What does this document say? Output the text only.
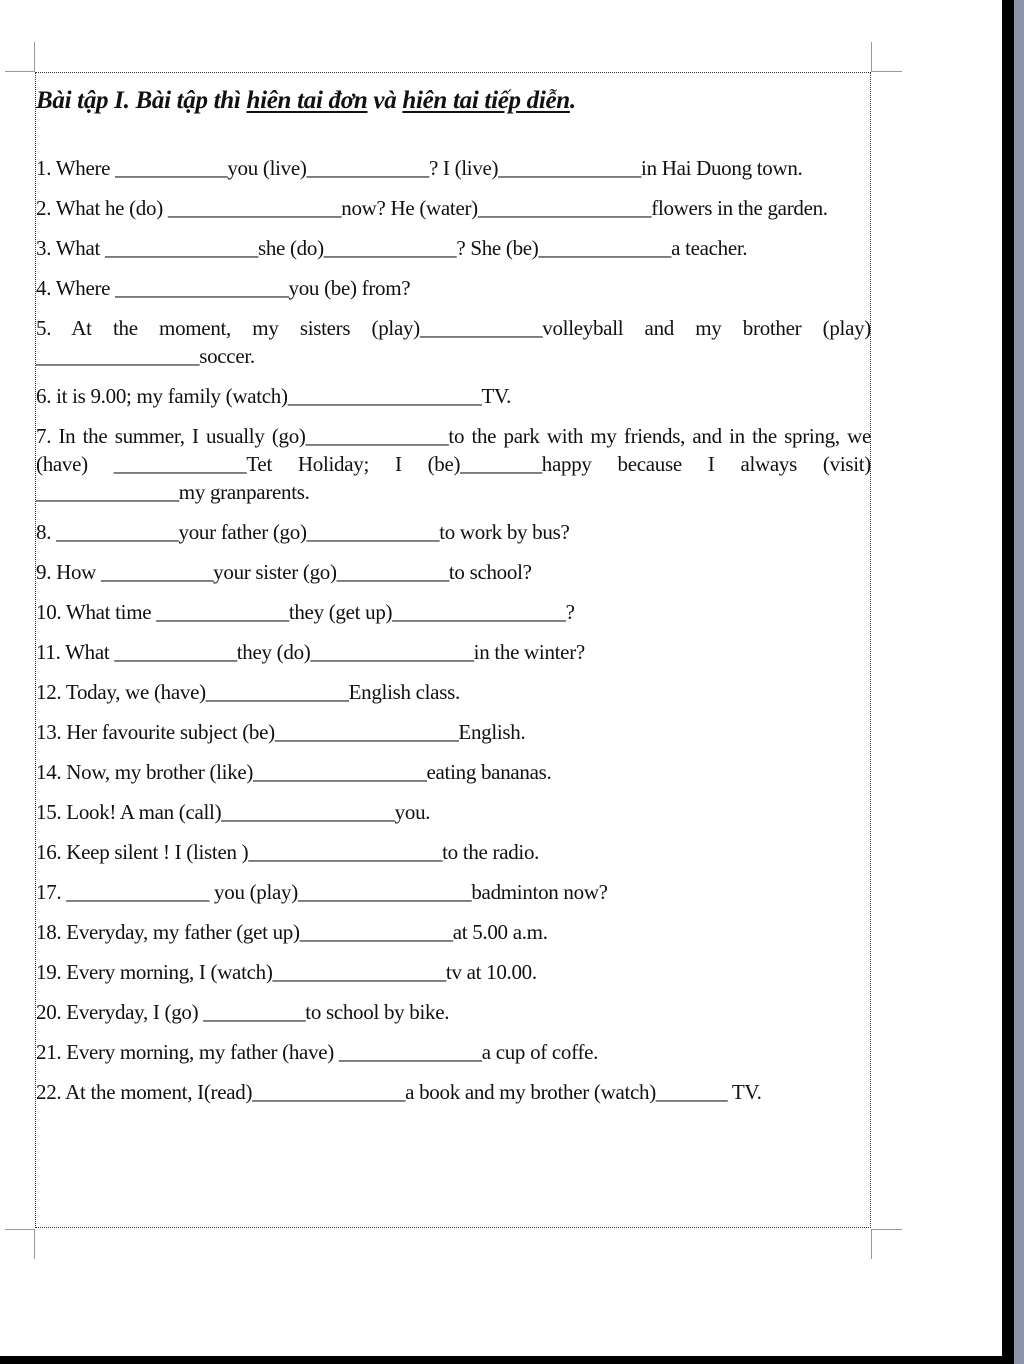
Bài tập I. Bài tập thì hiên tai đơn và hiên tai tiếp diễn.
1. Where ___________you (live)____________? I (live)______________in Hai Duong town.
2. What he (do) _________________now? He (water)_________________flowers in the garden.
3. What _______________she (do)_____________? She (be)_____________a teacher.
4. Where _________________you (be) from?
5. At the moment, my sisters (play)____________volleyball and my brother (play) ________________soccer.
6. it is 9.00; my family (watch)___________________TV.
7. In the summer, I usually (go)______________to the park with my friends, and in the spring, we (have) _____________Tet Holiday; I (be)________happy because I always (visit) ______________my granparents.
8. ____________your father (go)_____________to work by bus?
9. How ___________your sister (go)___________to school?
10. What time _____________they (get up)_________________?
11. What ____________they (do)________________in the winter?
12. Today, we (have)______________English class.
13. Her favourite subject (be)__________________English.
14. Now, my brother (like)_________________eating bananas.
15. Look! A man (call)_________________you.
16. Keep silent ! I (listen )___________________to the radio.
17. ______________ you (play)_________________badminton now?
18. Everyday, my father (get up)_______________at 5.00 a.m.
19. Every morning, I (watch)_________________tv at 10.00.
20. Everyday, I (go) __________to school by bike.
21. Every morning, my father (have) ______________a cup of coffe.
22. At the moment, I(read)_______________a book and my brother (watch)_______ TV.
